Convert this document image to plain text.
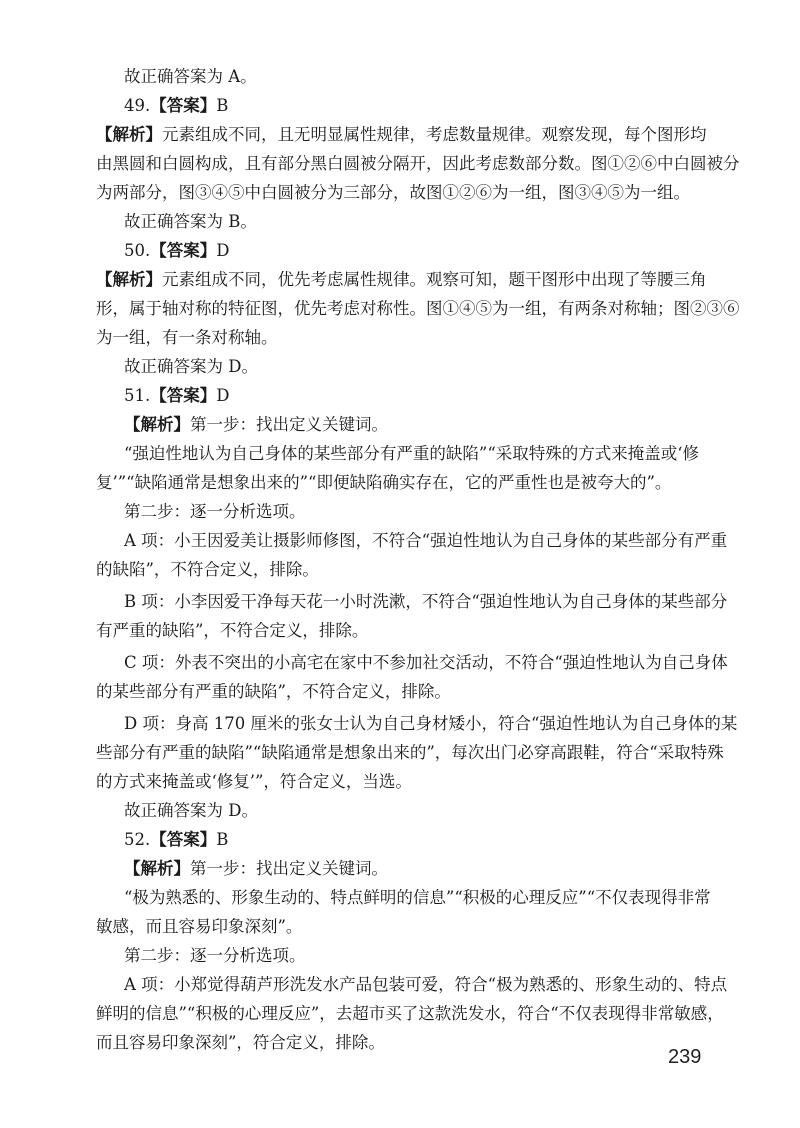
故正确答案为 A。

49.【答案】B

【解析】元素组成不同，且无明显属性规律，考虑数量规律。观察发现，每个图形均

由黑圆和白圆构成，且有部分黑白圆被分隔开，因此考虑数部分数。图①②⑥中白圆被分

为两部分，图③④⑤中白圆被分为三部分，故图①②⑥为一组，图③④⑤为一组。

故正确答案为 B。

50.【答案】D

【解析】元素组成不同，优先考虑属性规律。观察可知，题干图形中出现了等腰三角

形，属于轴对称的特征图，优先考虑对称性。图①④⑤为一组，有两条对称轴；图②③⑥

为一组，有一条对称轴。

故正确答案为 D。

51.【答案】D

【解析】第一步：找出定义关键词。

“强迫性地认为自己身体的某些部分有严重的缺陷”“采取特殊的方式来掩盖或‘修

复’”“缺陷通常是想象出来的”“即便缺陷确实存在，它的严重性也是被夸大的”。

第二步：逐一分析选项。

A 项：小王因爱美让摄影师修图，不符合“强迫性地认为自己身体的某些部分有严重

的缺陷”，不符合定义，排除。

B 项：小李因爱干净每天花一小时洗漱，不符合“强迫性地认为自己身体的某些部分

有严重的缺陷”，不符合定义，排除。

C 项：外表不突出的小高宅在家中不参加社交活动，不符合“强迫性地认为自己身体

的某些部分有严重的缺陷”，不符合定义，排除。

D 项：身高 170 厘米的张女士认为自己身材矮小，符合“强迫性地认为自己身体的某

些部分有严重的缺陷”“缺陷通常是想象出来的”，每次出门必穿高跟鞋，符合“采取特殊

的方式来掩盖或‘修复’”，符合定义，当选。

故正确答案为 D。

52.【答案】B

【解析】第一步：找出定义关键词。

“极为熟悉的、形象生动的、特点鲜明的信息”“积极的心理反应”“不仅表现得非常

敏感，而且容易印象深刻”。

第二步：逐一分析选项。

A 项：小郑觉得葫芦形洗发水产品包装可爱，符合“极为熟悉的、形象生动的、特点

鲜明的信息”“积极的心理反应”，去超市买了这款洗发水，符合“不仅表现得非常敏感，

而且容易印象深刻”，符合定义，排除。

239
